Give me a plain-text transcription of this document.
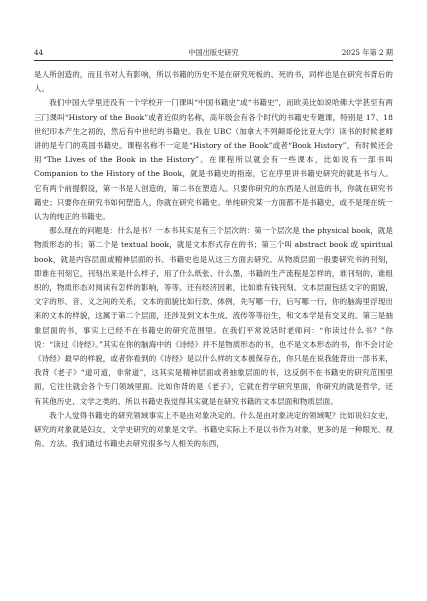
44	中国出版史研究	2025 年第 2 期

是人所创造的，而且书对人有影响，所以书籍的历史不是在研究死板的、死的书，同样也是在研究书背后的人。

我们中国大学里还没有一个学校开一门课叫“中国书籍史”或“书籍史”，而欧美比如说哈佛大学甚至有两三门课叫“History of the Book”或者近似的名称，高年级会有各个时代的书籍史专题课，特别是 17、18 世纪印本产生之初的，然后有中世纪的书籍史。我在 UBC（加拿大不列颠哥伦比亚大学）读书的时候老师讲的是专门的英国书籍史。课程名称不一定是“History of the Book”或者“Book History”，有时候还会用“The Lives of the Book in the History”。在课程所以就会有一些课本，比如说有一部书叫 Companion to the History of the Book，就是书籍史的指南，它在序里讲书籍史研究的就是书与人。它有两个前提假设，第一书是人创造的，第二书在塑造人。只要你研究的东西是人创造的书，你就在研究书籍史；只要你在研究书如何塑造人，你就在研究书籍史。单纯研究某一方面都不是书籍史，或不是现在统一认为的纯正的书籍史。

那么现在的问题是：什么是书？一本书其实是有三个层次的：第一个层次是 the physical book，就是物质形态的书；第二个是 textual book，就是文本形式存在的书；第三个叫 abstract book 或 spiritual book，就是内容层面或精神层面的书。书籍史也是从这三方面去研究。从物质层面一般要研究书的刊刻，即谁在刊刻它，刊刻出来是什么样子，用了什么纸张、什么墨，书籍的生产流程是怎样的，谁刊刻的，谁组织的，物质形态对阅读有怎样的影响，等等。还有经济因素，比如谁有钱刊刻。文本层面包括文字的面貌，文字的形、音、义之间的关系，文本的面貌比如行款、体例，先写哪一行，后写哪一行，你的脑海里浮现出来的文本的样貌，这属于第二个层面，还涉及到文本生成、流传等等衍生，和文本学是有交叉的。第三是抽象层面的书，事实上已经不在书籍史的研究范围里。在我们平常说话时老师问：“你读过什么书？”你说：“读过《诗经》。”其实在你的脑海中的《诗经》并不是物质形态的书，也不是文本形态的书，你不会讨论《诗经》最早的样貌，或者你看到的《诗经》是以什么样的文本被保存在，你只是在说我能背出一部书来，我背《老子》“道可道，非常道”，这其实是精神层面或者抽象层面的书，这反倒不在书籍史的研究范围里面，它往往就会各个专门领域里面。比如你背的是《老子》，它就在哲学研究里面，你研究的就是哲学，还有其他历史、文学之类的。所以书籍史我觉得其实就是在研究书籍的文本层面和物质层面。

我个人觉得书籍史的研究领域事实上不是由对象决定的。什么是由对象决定的领域呢？比如说妇女史，研究的对象就是妇女，文学史研究的对象是文学。书籍史实际上不是以书作为对象，更多的是一种眼光、视角、方法。我们通过书籍史去研究很多与人相关的东西，
